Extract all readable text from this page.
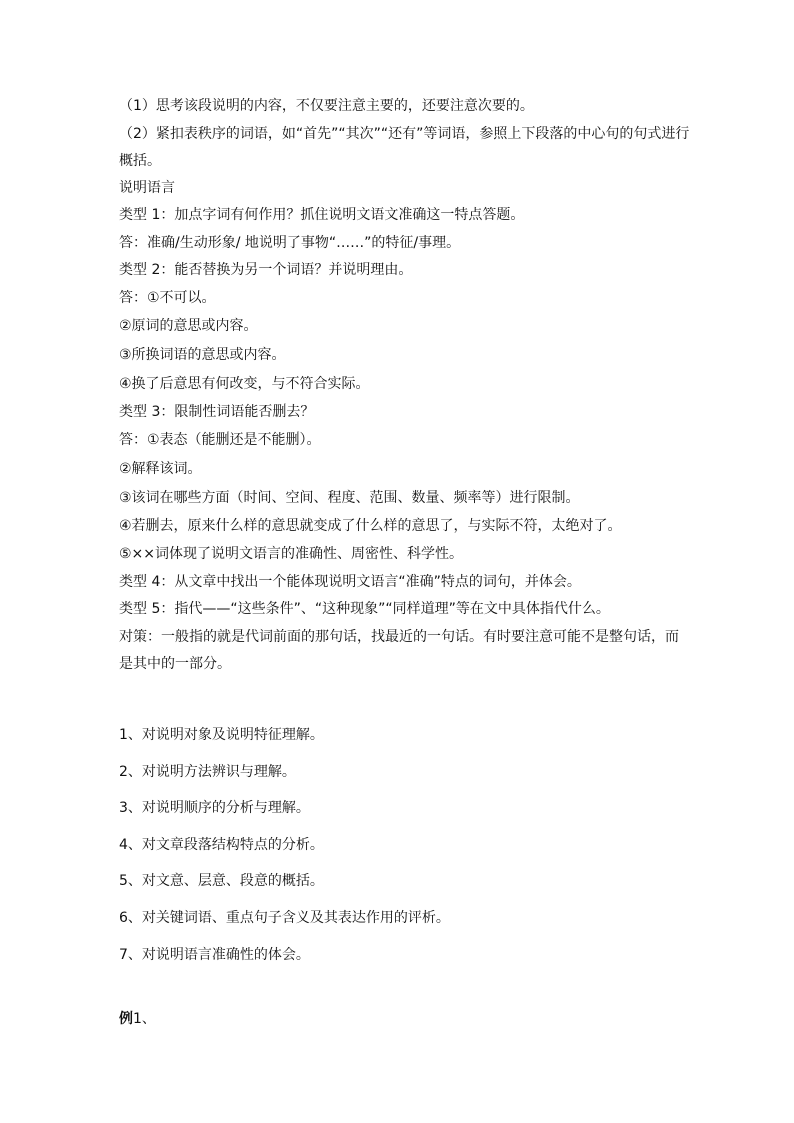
（1）思考该段说明的内容，不仅要注意主要的，还要注意次要的。
（2）紧扣表秩序的词语，如“首先”“其次”“还有”等词语，参照上下段落的中心句的句式进行
概括。
说明语言
类型 1：加点字词有何作用？抓住说明文语文准确这一特点答题。
答：准确/生动形象/ 地说明了事物“……”的特征/事理。
类型 2：能否替换为另一个词语？并说明理由。
答：①不可以。
②原词的意思或内容。
③所换词语的意思或内容。
④换了后意思有何改变，与不符合实际。
类型 3：限制性词语能否删去？
答：①表态（能删还是不能删）。
②解释该词。
③该词在哪些方面（时间、空间、程度、范围、数量、频率等）进行限制。
④若删去，原来什么样的意思就变成了什么样的意思了，与实际不符，太绝对了。
⑤××词体现了说明文语言的准确性、周密性、科学性。
类型 4：从文章中找出一个能体现说明文语言“准确”特点的词句，并体会。
类型 5：指代——“这些条件”、“这种现象”“同样道理”等在文中具体指代什么。
对策：一般指的就是代词前面的那句话，找最近的一句话。有时要注意可能不是整句话，而
是其中的一部分。
1、对说明对象及说明特征理解。
2、对说明方法辨识与理解。
3、对说明顺序的分析与理解。
4、对文章段落结构特点的分析。
5、对文意、层意、段意的概括。
6、对关键词语、重点句子含义及其表达作用的评析。
7、对说明语言准确性的体会。
例1、
